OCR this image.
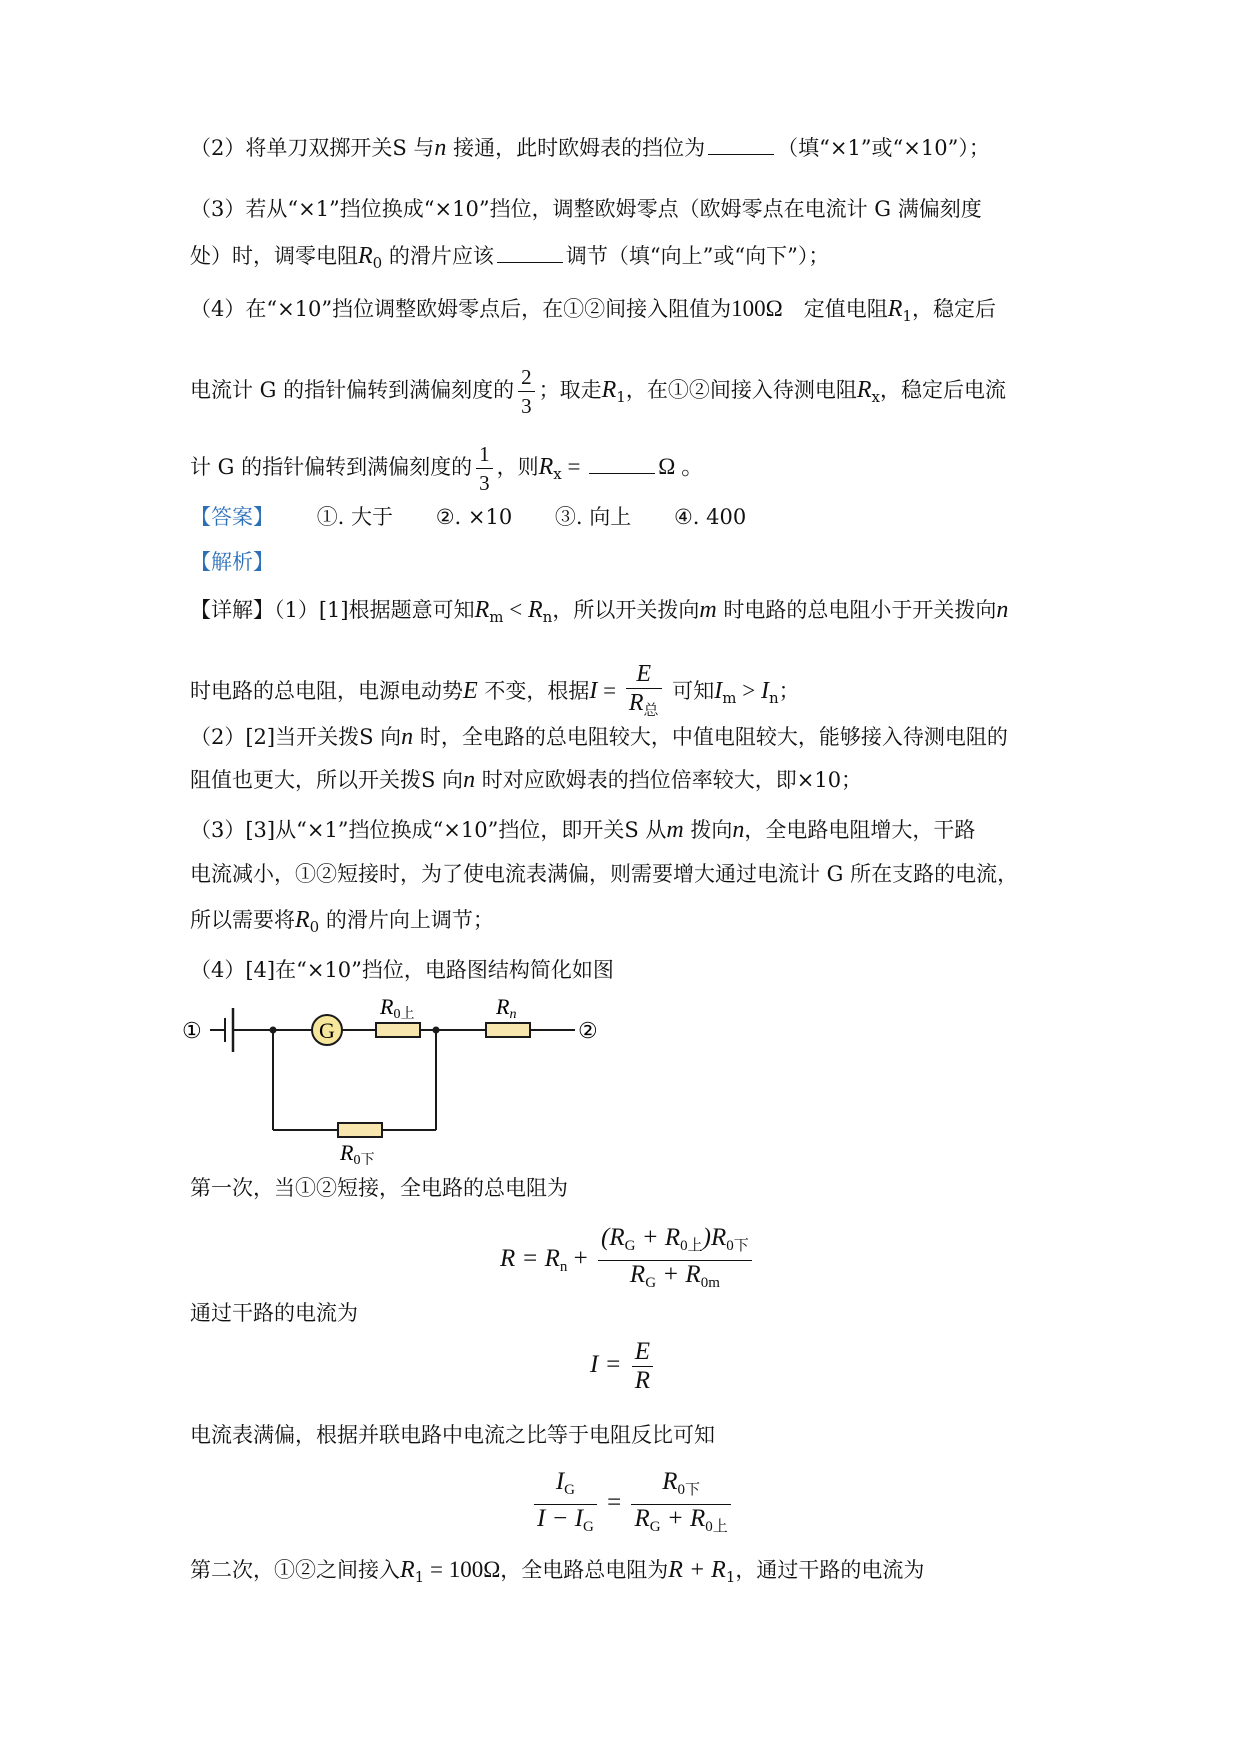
（2）将单刀双掷开关S 与n 接通，此时欧姆表的挡位为	（填“×1”或“×10”）；
（3）若从“×1”挡位换成“×10”挡位，调整欧姆零点（欧姆零点在电流计 G 满偏刻度
处）时，调零电阻$R_0$ 的滑片应该	调节（填“向上”或“向下”）；
（4）在“×10”挡位调整欧姆零点后，在①②间接入阻值为100Ω　定值电阻$R_1$，稳定后
电流计 G 的指针偏转到满偏刻度的 $\frac{2}{3}$ ；取走$R_1$，在①②间接入待测电阻$R_x$，稳定后电流
计 G 的指针偏转到满偏刻度的 $\frac{1}{3}$ ，则$R_x$ =	Ω 。
【答案】 ①. 大于 ②. ×10 ③. 向上 ④. 400
【解析】
【详解】（1）[1]根据题意可知$R_m < R_n$，所以开关拨向m 时电路的总电阻小于开关拨向n
时电路的总电阻，电源电动势E 不变，根据$I = \frac{E}{R_总}$ 可知$I_m > I_n$；
（2）[2]当开关拨S 向n 时，全电路的总电阻较大，中值电阻较大，能够接入待测电阻的
阻值也更大，所以开关拨S 向n 时对应欧姆表的挡位倍率较大，即×10；
（3）[3]从“×1”挡位换成“×10”挡位，即开关S 从m 拨向n，全电路电阻增大，干路
电流减小，①②短接时，为了使电流表满偏，则需要增大通过电流计 G 所在支路的电流，
所以需要将$R_0$ 的滑片向上调节；
（4）[4]在“×10”挡位，电路图结构简化如图
G
①	②
R0上	Rn
R0下
第一次，当①②短接，全电路的总电阻为
$R = R_n + \frac{(R_G + R_{0上})R_{0下}}{R_G + R_{0m}}$
通过干路的电流为
$I = \frac{E}{R}$
电流表满偏，根据并联电路中电流之比等于电阻反比可知
$\frac{I_G}{I - I_G} = \frac{R_{0下}}{R_G + R_{0上}}$
第二次，①②之间接入$R_1 = 100\Omega$，全电路总电阻为$R + R_1$，通过干路的电流为
